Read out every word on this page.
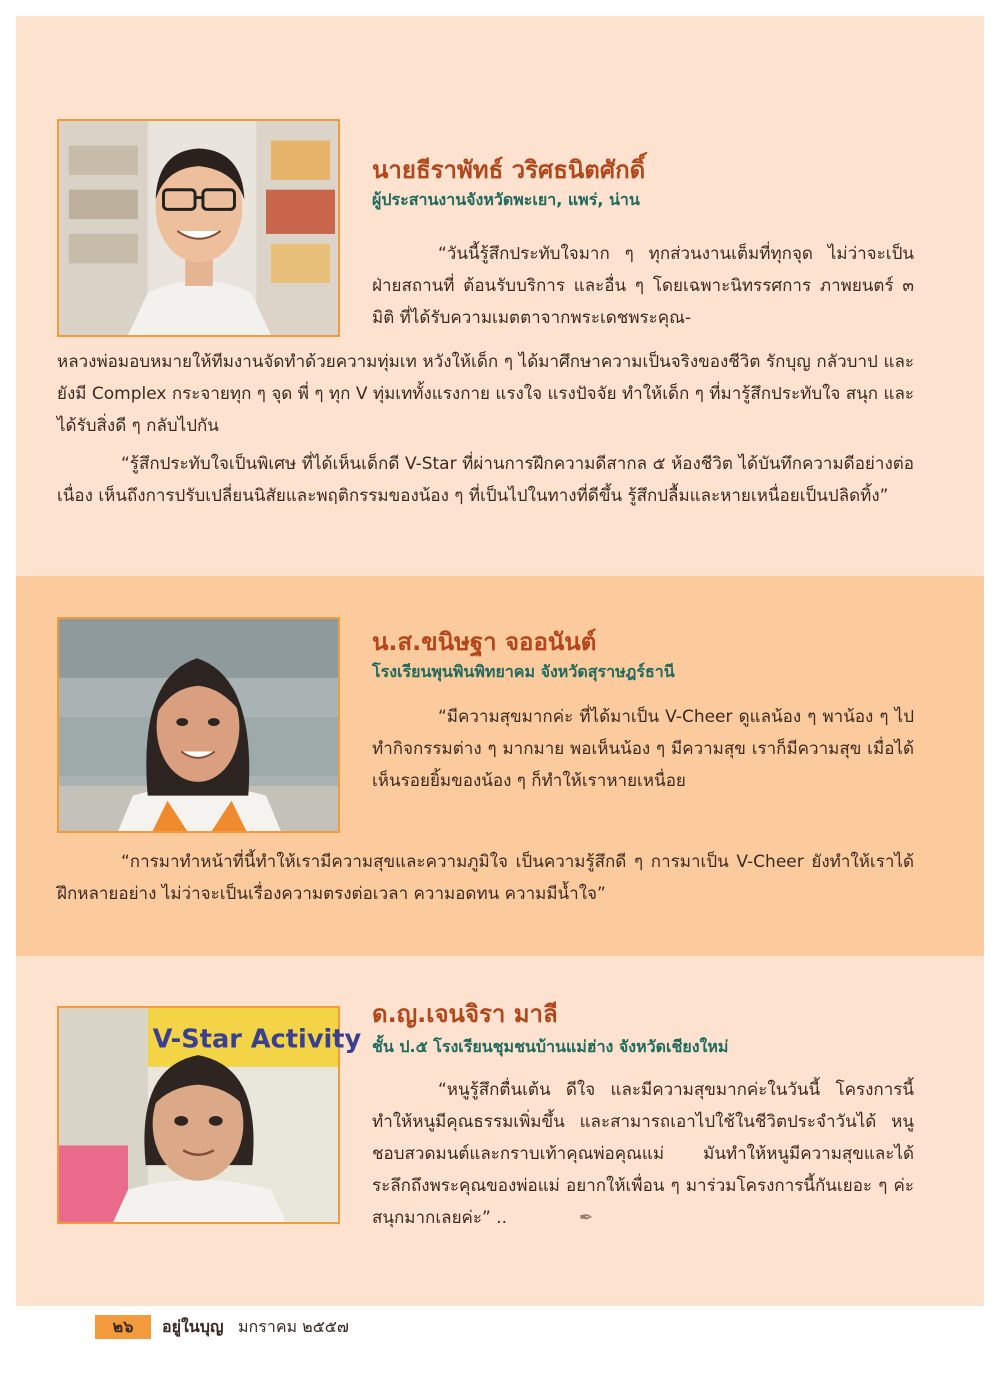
นายธีราพัทธ์ วริศธนิตศักดิ์
ผู้ประสานงานจังหวัดพะเยา, แพร่, น่าน

“วันนี้รู้สึกประทับใจมาก ๆ ทุกส่วนงานเต็มที่ทุกจุด ไม่ว่าจะเป็นฝ่ายสถานที่ ต้อนรับบริการ และอื่น ๆ โดยเฉพาะนิทรรศการ ภาพยนตร์ ๓ มิติ ที่ได้รับความเมตตาจากพระเดชพระคุณ-

หลวงพ่อมอบหมายให้ทีมงานจัดทำด้วยความทุ่มเท หวังให้เด็ก ๆ ได้มาศึกษาความเป็นจริงของชีวิต รักบุญ กลัวบาป และยังมี Complex กระจายทุก ๆ จุด พี่ ๆ ทุก V ทุ่มเททั้งแรงกาย แรงใจ แรงปัจจัย ทำให้เด็ก ๆ ที่มารู้สึกประทับใจ สนุก และได้รับสิ่งดี ๆ กลับไปกัน

“รู้สึกประทับใจเป็นพิเศษ ที่ได้เห็นเด็กดี V-Star ที่ผ่านการฝึกความดีสากล ๕ ห้องชีวิต ได้บันทึกความดีอย่างต่อเนื่อง เห็นถึงการปรับเปลี่ยนนิสัยและพฤติกรรมของน้อง ๆ ที่เป็นไปในทางที่ดีขึ้น รู้สึกปลื้มและหายเหนื่อยเป็นปลิดทิ้ง”

น.ส.ขนิษฐา จออนันต์
โรงเรียนพุนพินพิทยาคม จังหวัดสุราษฎร์ธานี

“มีความสุขมากค่ะ ที่ได้มาเป็น V-Cheer ดูแลน้อง ๆ พาน้อง ๆ ไปทำกิจกรรมต่าง ๆ มากมาย พอเห็นน้อง ๆ มีความสุข เราก็มีความสุข เมื่อได้เห็นรอยยิ้มของน้อง ๆ ก็ทำให้เราหายเหนื่อย

“การมาทำหน้าที่นี้ทำให้เรามีความสุขและความภูมิใจ เป็นความรู้สึกดี ๆ การมาเป็น V-Cheer ยังทำให้เราได้ฝึกหลายอย่าง ไม่ว่าจะเป็นเรื่องความตรงต่อเวลา ความอดทน ความมีน้ำใจ”

V-Star Activity
ด.ญ.เจนจิรา มาลี
ชั้น ป.๕ โรงเรียนชุมชนบ้านแม่ฮ่าง จังหวัดเชียงใหม่

“หนูรู้สึกตื่นเต้น ดีใจ และมีความสุขมากค่ะในวันนี้ โครงการนี้ทำให้หนูมีคุณธรรมเพิ่มขึ้น และสามารถเอาไปใช้ในชีวิตประจำวันได้ หนูชอบสวดมนต์และกราบเท้าคุณพ่อคุณแม่ มันทำให้หนูมีความสุขและได้ระลึกถึงพระคุณของพ่อแม่ อยากให้เพื่อน ๆ มาร่วมโครงการนี้กันเยอะ ๆ ค่ะ สนุกมากเลยค่ะ” ..	✒

๒๖	อยู่ในบุญ มกราคม ๒๕๕๗
